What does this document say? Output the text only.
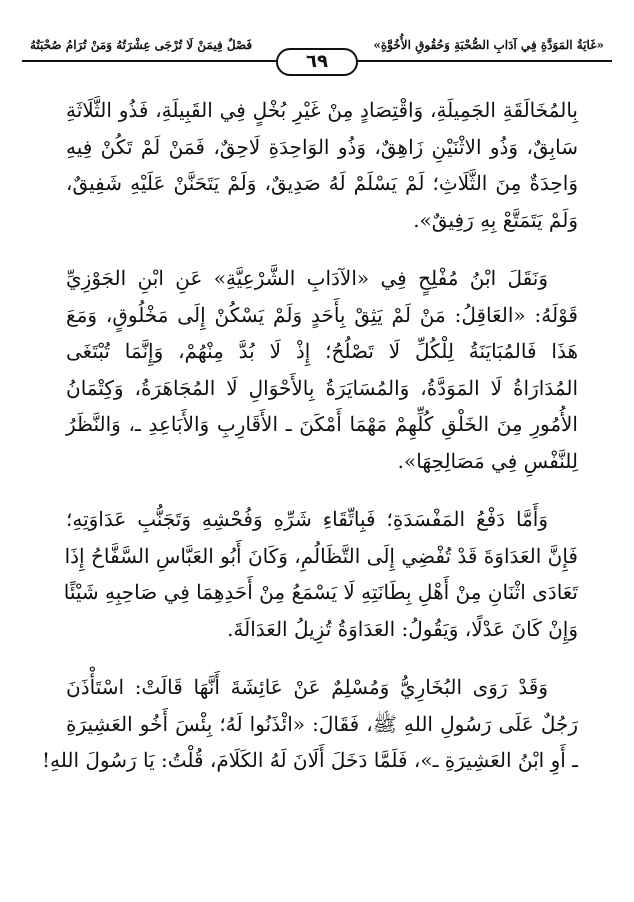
«غَايَةُ المَوَدَّةِ فِي آدَابِ الصُّحْبَةِ وَحُقُوقِ الأُخُوَّةِ»
فَصْلٌ فِيمَنْ لَا تُرْجَى عِشْرَتُهُ وَمَنْ تُرَامُ صُحْبَتُهُ
٦٩
بِالمُخَالَقَةِ الجَمِيلَةِ، وَاقْتِصَادٍ مِنْ غَيْرِ بُخْلٍ فِي القَبِيلَةِ، فَذُو الثَّلَاثَةِ
سَابِقٌ، وَذُو الاثْنَيْنِ زَاهِقٌ، وَذُو الوَاحِدَةِ لَاحِقٌ، فَمَنْ لَمْ تَكُنْ فِيهِ
وَاحِدَةٌ مِنَ الثَّلَاثِ؛ لَمْ يَسْلَمْ لَهُ صَدِيقٌ، وَلَمْ يَتَحَنَّنْ عَلَيْهِ شَفِيقٌ،
وَلَمْ يَتَمَتَّعْ بِهِ رَفِيقٌ».
وَنَقَلَ ابْنُ مُفْلِحٍ فِي «الآدَابِ الشَّرْعِيَّةِ» عَنِ ابْنِ الجَوْزِيِّ
قَوْلَهُ: «العَاقِلُ: مَنْ لَمْ يَثِقْ بِأَحَدٍ وَلَمْ يَسْكُنْ إِلَى مَخْلُوقٍ، وَمَعَ
هَذَا فَالمُبَايَنَةُ لِلْكُلِّ لَا تَصْلُحُ؛ إِذْ لَا بُدَّ مِنْهُمْ، وَإِنَّمَا تُبْتَغَى
المُدَارَاةُ لَا المَوَدَّةُ، وَالمُسَايَرَةُ بِالأَحْوَالِ لَا المُجَاهَرَةُ، وَكِتْمَانُ
الأُمُورِ مِنَ الخَلْقِ كُلِّهِمْ مَهْمَا أَمْكَنَ ـ الأَقَارِبِ وَالأَبَاعِدِ ـ، وَالنَّظَرُ
لِلنَّفْسِ فِي مَصَالِحِهَا».
وَأَمَّا دَفْعُ المَفْسَدَةِ؛ فَبِاتِّقَاءِ شَرِّهِ وَفُحْشِهِ وَتَجَنُّبِ عَدَاوَتِهِ؛
فَإِنَّ العَدَاوَةَ قَدْ تُفْضِي إِلَى التَّظَالُمِ، وَكَانَ أَبُو العَبَّاسِ السَّفَّاحُ إِذَا
تَعَادَى اثْنَانِ مِنْ أَهْلِ بِطَانَتِهِ لَا يَسْمَعُ مِنْ أَحَدِهِمَا فِي صَاحِبِهِ شَيْئًا
وَإِنْ كَانَ عَدْلًا، وَيَقُولُ: العَدَاوَةُ تُزِيلُ العَدَالَةَ.
وَقَدْ رَوَى البُخَارِيُّ وَمُسْلِمٌ عَنْ عَائِشَةَ أَنَّهَا قَالَتْ: اسْتَأْذَنَ
رَجُلٌ عَلَى رَسُولِ اللهِ ﷺ، فَقَالَ: «ائْذَنُوا لَهُ؛ بِئْسَ أَخُو العَشِيرَةِ
ـ أَوِ ابْنُ العَشِيرَةِ ـ»، فَلَمَّا دَخَلَ أَلَانَ لَهُ الكَلَامَ، قُلْتُ: يَا رَسُولَ اللهِ!
